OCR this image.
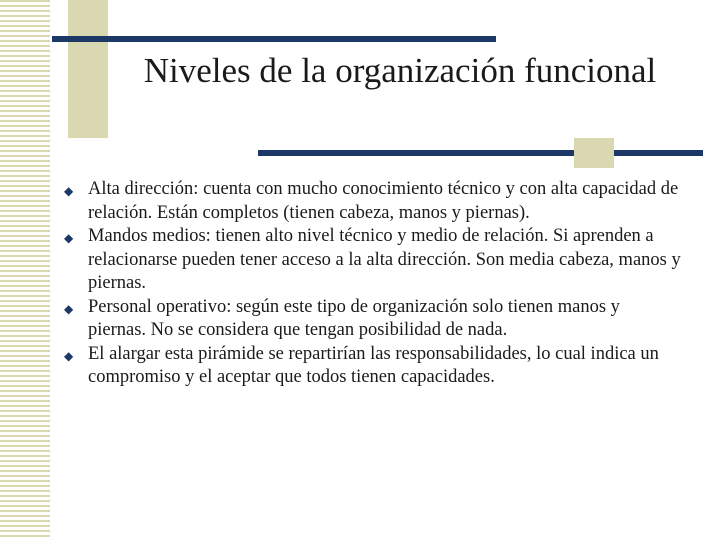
Niveles de la organización funcional
◆ Alta dirección: cuenta con mucho conocimiento técnico y con alta capacidad de relación. Están completos (tienen cabeza, manos y piernas).
◆ Mandos medios: tienen alto nivel técnico y medio de relación. Si aprenden a relacionarse pueden tener acceso a la alta dirección. Son media cabeza, manos y piernas.
◆ Personal operativo: según este tipo de organización solo tienen manos y piernas. No se considera que tengan posibilidad de nada.
◆ El alargar esta pirámide se repartirían las responsabilidades, lo cual indica un compromiso y el aceptar que todos tienen capacidades.
